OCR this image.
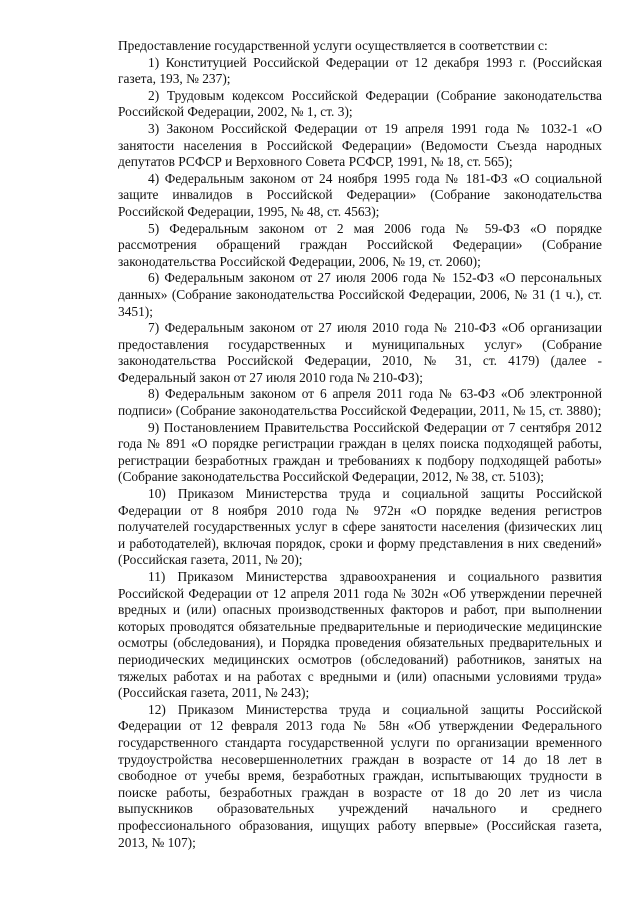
Предоставление государственной услуги осуществляется в соответствии с:

1) Конституцией Российской Федерации от 12 декабря 1993 г. (Российская газета, 193, № 237);

2) Трудовым кодексом Российской Федерации (Собрание законодательства Российской Федерации, 2002, № 1, ст. 3);

3) Законом Российской Федерации от 19 апреля 1991 года № 1032-1 «О занятости населения в Российской Федерации» (Ведомости Съезда народных депутатов РСФСР и Верховного Совета РСФСР, 1991, № 18, ст. 565);

4) Федеральным законом от 24 ноября 1995 года № 181-ФЗ «О социальной защите инвалидов в Российской Федерации» (Собрание законодательства Российской Федерации, 1995, № 48, ст. 4563);

5) Федеральным законом от 2 мая 2006 года № 59-ФЗ «О порядке рассмотрения обращений граждан Российской Федерации» (Собрание законодательства Российской Федерации, 2006, № 19, ст. 2060);

6) Федеральным законом от 27 июля 2006 года № 152-ФЗ «О персональных данных» (Собрание законодательства Российской Федерации, 2006, № 31 (1 ч.), ст. 3451);

7) Федеральным законом от 27 июля 2010 года № 210-ФЗ «Об организации предоставления государственных и муниципальных услуг» (Собрание законодательства Российской Федерации, 2010, № 31, ст. 4179) (далее - Федеральный закон от 27 июля 2010 года № 210-ФЗ);

8) Федеральным законом от 6 апреля 2011 года № 63-ФЗ «Об электронной подписи» (Собрание законодательства Российской Федерации, 2011, № 15, ст. 3880);

9) Постановлением Правительства Российской Федерации от 7 сентября 2012 года № 891 «О порядке регистрации граждан в целях поиска подходящей работы, регистрации безработных граждан и требованиях к подбору подходящей работы» (Собрание законодательства Российской Федерации, 2012, № 38, ст. 5103);

10) Приказом Министерства труда и социальной защиты Российской Федерации от 8 ноября 2010 года № 972н «О порядке ведения регистров получателей государственных услуг в сфере занятости населения (физических лиц и работодателей), включая порядок, сроки и форму представления в них сведений» (Российская газета, 2011, № 20);

11) Приказом Министерства здравоохранения и социального развития Российской Федерации от 12 апреля 2011 года № 302н «Об утверждении перечней вредных и (или) опасных производственных факторов и работ, при выполнении которых проводятся обязательные предварительные и периодические медицинские осмотры (обследования), и Порядка проведения обязательных предварительных и периодических медицинских осмотров (обследований) работников, занятых на тяжелых работах и на работах с вредными и (или) опасными условиями труда» (Российская газета, 2011, № 243);

12) Приказом Министерства труда и социальной защиты Российской Федерации от 12 февраля 2013 года № 58н «Об утверждении Федерального государственного стандарта государственной услуги по организации временного трудоустройства несовершеннолетних граждан в возрасте от 14 до 18 лет в свободное от учебы время, безработных граждан, испытывающих трудности в поиске работы, безработных граждан в возрасте от 18 до 20 лет из числа выпускников образовательных учреждений начального и среднего профессионального образования, ищущих работу впервые» (Российская газета, 2013, № 107);
